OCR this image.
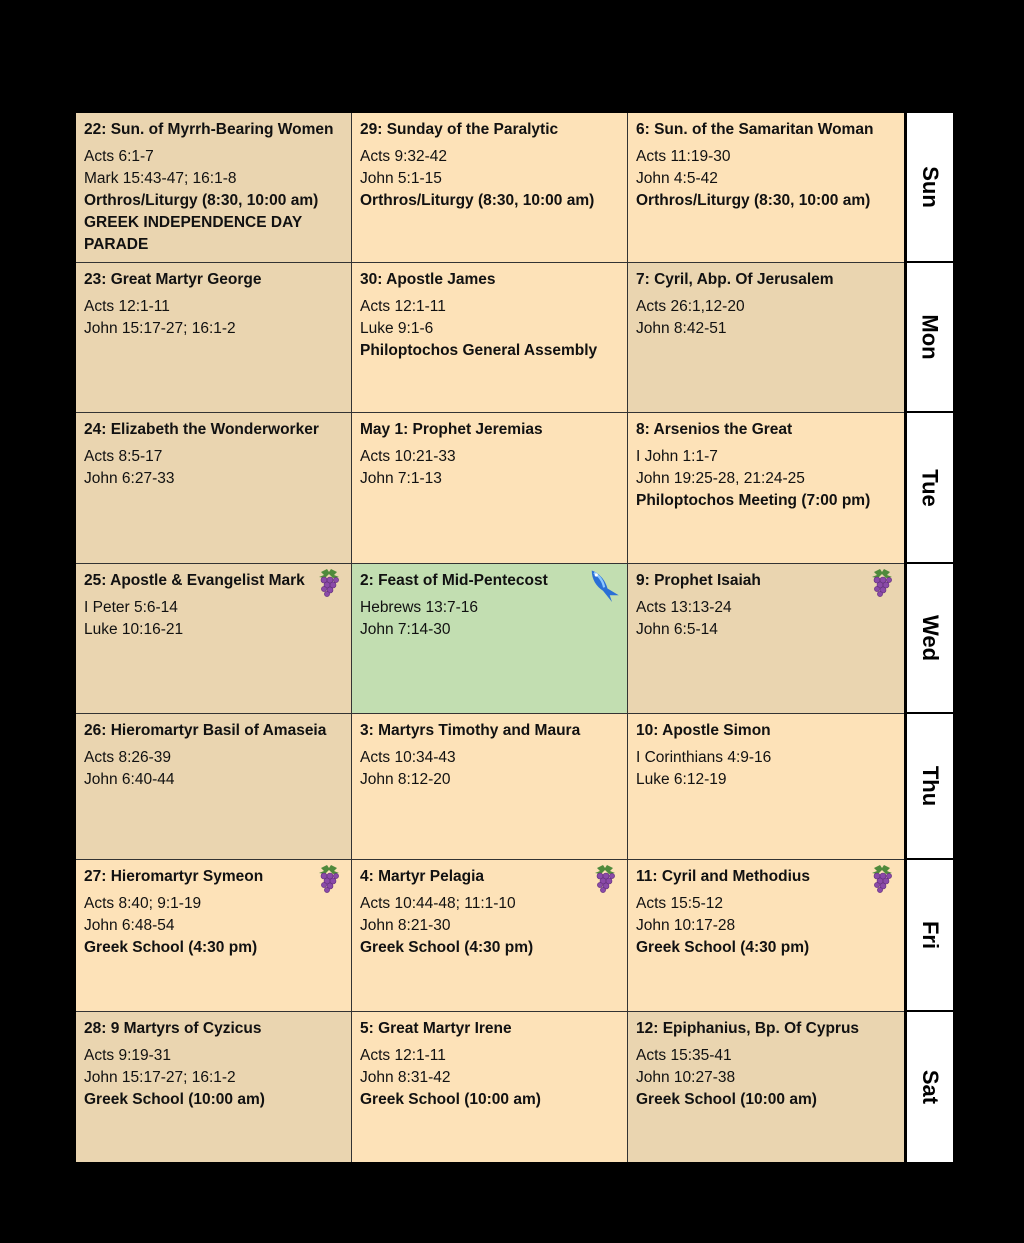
22: Sun. of Myrrh-Bearing Women
Acts 6:1-7
Mark 15:43-47; 16:1-8
Orthros/Liturgy (8:30, 10:00 am)
GREEK INDEPENDENCE DAY
PARADE
29: Sunday of the Paralytic
Acts 9:32-42
John 5:1-15
Orthros/Liturgy (8:30, 10:00 am)
6: Sun. of the Samaritan Woman
Acts 11:19-30
John 4:5-42
Orthros/Liturgy (8:30, 10:00 am)
23: Great Martyr George
Acts 12:1-11
John 15:17-27; 16:1-2
30: Apostle James
Acts 12:1-11
Luke 9:1-6
Philoptochos General Assembly
7: Cyril, Abp. Of Jerusalem
Acts 26:1,12-20
John 8:42-51
24: Elizabeth the Wonderworker
Acts 8:5-17
John 6:27-33
May 1: Prophet Jeremias
Acts 10:21-33
John 7:1-13
8: Arsenios the Great
I John 1:1-7
John 19:25-28, 21:24-25
Philoptochos Meeting (7:00 pm)
25: Apostle & Evangelist Mark
I Peter 5:6-14
Luke 10:16-21
2: Feast of Mid-Pentecost
Hebrews 13:7-16
John 7:14-30
9: Prophet Isaiah
Acts 13:13-24
John 6:5-14
26: Hieromartyr Basil of Amaseia
Acts 8:26-39
John 6:40-44
3: Martyrs Timothy and Maura
Acts 10:34-43
John 8:12-20
10: Apostle Simon
I Corinthians 4:9-16
Luke 6:12-19
27: Hieromartyr Symeon
Acts 8:40; 9:1-19
John 6:48-54
Greek School (4:30 pm)
4: Martyr Pelagia
Acts 10:44-48; 11:1-10
John 8:21-30
Greek School (4:30 pm)
11: Cyril and Methodius
Acts 15:5-12
John 10:17-28
Greek School (4:30 pm)
28: 9 Martyrs of Cyzicus
Acts 9:19-31
John 15:17-27; 16:1-2
Greek School (10:00 am)
5: Great Martyr Irene
Acts 12:1-11
John 8:31-42
Greek School (10:00 am)
12: Epiphanius, Bp. Of Cyprus
Acts 15:35-41
John 10:27-38
Greek School (10:00 am)
Sun
Mon
Tue
Wed
Thu
Fri
Sat
